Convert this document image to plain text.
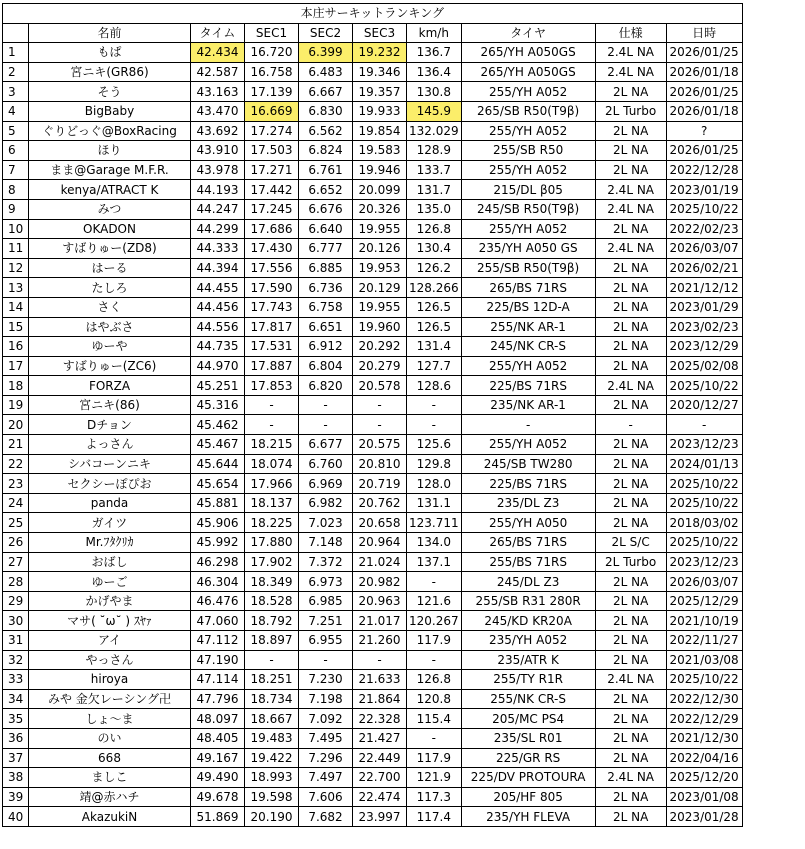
本庄サーキットランキング									
	名前	タイム	SEC1	SEC2	SEC3	km/h	タイヤ	仕様	日時
1	もぱ	42.434	16.720	6.399	19.232	136.7	265/YH A050GS	2.4L NA	2026/01/25
2	宮ニキ(GR86)	42.587	16.758	6.483	19.346	136.4	265/YH A050GS	2.4L NA	2026/01/18
3	そう	43.163	17.139	6.667	19.357	130.8	255/YH A052	2L NA	2026/01/25
4	BigBaby	43.470	16.669	6.830	19.933	145.9	265/SB R50(T9β)	2L Turbo	2026/01/18
5	ぐりどっぐ@BoxRacing	43.692	17.274	6.562	19.854	132.029	255/YH A052	2L NA	?
6	ほり	43.910	17.503	6.824	19.583	128.9	255/SB R50	2L NA	2026/01/25
7	まま@Garage M.F.R.	43.978	17.271	6.761	19.946	133.7	255/YH A052	2L NA	2022/12/28
8	kenya/ATRACT K	44.193	17.442	6.652	20.099	131.7	215/DL β05	2.4L NA	2023/01/19
9	みつ	44.247	17.245	6.676	20.326	135.0	245/SB R50(T9β)	2.4L NA	2025/10/22
10	OKADON	44.299	17.686	6.640	19.955	126.8	255/YH A052	2L NA	2022/02/23
11	すばりゅー(ZD8)	44.333	17.430	6.777	20.126	130.4	235/YH A050 GS	2.4L NA	2026/03/07
12	はーる	44.394	17.556	6.885	19.953	126.2	255/SB R50(T9β)	2L NA	2026/02/21
13	たしろ	44.455	17.590	6.736	20.129	128.266	265/BS 71RS	2L NA	2021/12/12
14	さく	44.456	17.743	6.758	19.955	126.5	225/BS 12D-A	2L NA	2023/01/29
15	はやぶさ	44.556	17.817	6.651	19.960	126.5	255/NK AR-1	2L NA	2023/02/23
16	ゆーや	44.735	17.531	6.912	20.292	131.4	245/NK CR-S	2L NA	2023/12/29
17	すばりゅー(ZC6)	44.970	17.887	6.804	20.279	127.7	255/YH A052	2L NA	2025/02/08
18	FORZA	45.251	17.853	6.820	20.578	128.6	225/BS 71RS	2.4L NA	2025/10/22
19	宮ニキ(86)	45.316	-	-	-	-	235/NK AR-1	2L NA	2020/12/27
20	Dチョン	45.462	-	-	-	-	-	-	-
21	よっさん	45.467	18.215	6.677	20.575	125.6	255/YH A052	2L NA	2023/12/23
22	シバコーンニキ	45.644	18.074	6.760	20.810	129.8	245/SB TW280	2L NA	2024/01/13
23	セクシーぽぴお	45.654	17.966	6.969	20.719	128.0	225/BS 71RS	2L NA	2025/10/22
24	panda	45.881	18.137	6.982	20.762	131.1	235/DL Z3	2L NA	2025/10/22
25	ガイツ	45.906	18.225	7.023	20.658	123.711	255/YH A050	2L NA	2018/03/02
26	Mr.ﾌﾀｸﾘｶ	45.992	17.880	7.148	20.964	134.0	265/BS 71RS	2L S/C	2025/10/22
27	おばし	46.298	17.902	7.372	21.024	137.1	255/BS 71RS	2L Turbo	2023/12/23
28	ゆーご	46.304	18.349	6.973	20.982	-	245/DL Z3	2L NA	2026/03/07
29	かげやま	46.476	18.528	6.985	20.963	121.6	255/SB R31 280R	2L NA	2025/12/29
30	マサ( ˘ω˘ ) ｽﾔｧ	47.060	18.792	7.251	21.017	120.267	245/KD KR20A	2L NA	2021/10/19
31	アイ	47.112	18.897	6.955	21.260	117.9	235/YH A052	2L NA	2022/11/27
32	やっさん	47.190	-	-	-	-	235/ATR K	2L NA	2021/03/08
33	hiroya	47.114	18.251	7.230	21.633	126.8	255/TY R1R	2.4L NA	2025/10/22
34	みや 金欠レーシング卍	47.796	18.734	7.198	21.864	120.8	255/NK CR-S	2L NA	2022/12/30
35	しょ～ま	48.097	18.667	7.092	22.328	115.4	205/MC PS4	2L NA	2022/12/29
36	のい	48.405	19.483	7.495	21.427	-	235/SL R01	2L NA	2021/12/30
37	668	49.167	19.422	7.296	22.449	117.9	225/GR RS	2L NA	2022/04/16
38	ましこ	49.490	18.993	7.497	22.700	121.9	225/DV PROTOURA	2.4L NA	2025/12/20
39	靖@赤ハチ	49.678	19.598	7.606	22.474	117.3	205/HF 805	2L NA	2023/01/08
40	AkazukiN	51.869	20.190	7.682	23.997	117.4	235/YH FLEVA	2L NA	2023/01/28
